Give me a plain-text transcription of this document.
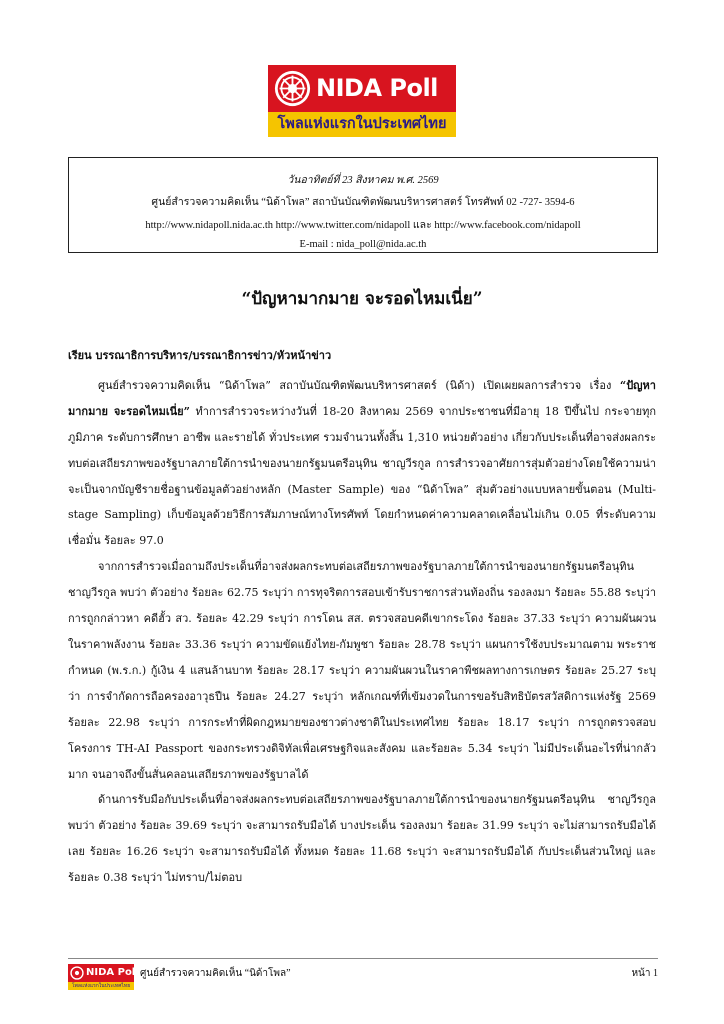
NIDA Poll
โพลแห่งแรกในประเทศไทย
วันอาทิตย์ที่ 23 สิงหาคม พ.ศ. 2569
ศูนย์สำรวจความคิดเห็น “นิด้าโพล” สถาบันบัณฑิตพัฒนบริหารศาสตร์ โทรศัพท์ 02 -727- 3594-6
http://www.nidapoll.nida.ac.th http://www.twitter.com/nidapoll และ http://www.facebook.com/nidapoll
E-mail : nida_poll@nida.ac.th
“ปัญหามากมาย จะรอดไหมเนี่ย”

เรียน บรรณาธิการบริหาร/บรรณาธิการข่าว/หัวหน้าข่าว

ศูนย์สำรวจความคิดเห็น “นิด้าโพล” สถาบันบัณฑิตพัฒนบริหารศาสตร์ (นิด้า) เปิดเผยผลการสำรวจ เรื่อง “ปัญหามากมาย จะรอดไหมเนี่ย” ทำการสำรวจระหว่างวันที่ 18-20 สิงหาคม 2569 จากประชาชนที่มีอายุ 18 ปีขึ้นไป กระจายทุกภูมิภาค ระดับการศึกษา อาชีพ และรายได้ ทั่วประเทศ รวมจำนวนทั้งสิ้น 1,310 หน่วยตัวอย่าง เกี่ยวกับประเด็นที่อาจส่งผลกระทบต่อเสถียรภาพของรัฐบาลภายใต้การนำของนายกรัฐมนตรีอนุทิน ชาญวีรกูล การสำรวจอาศัยการสุ่มตัวอย่างโดยใช้ความน่าจะเป็นจากบัญชีรายชื่อฐานข้อมูลตัวอย่างหลัก (Master Sample) ของ “นิด้าโพล” สุ่มตัวอย่างแบบหลายขั้นตอน (Multi-stage Sampling) เก็บข้อมูลด้วยวิธีการสัมภาษณ์ทางโทรศัพท์ โดยกำหนดค่าความคลาดเคลื่อนไม่เกิน 0.05 ที่ระดับความเชื่อมั่น ร้อยละ 97.0

จากการสำรวจเมื่อถามถึงประเด็นที่อาจส่งผลกระทบต่อเสถียรภาพของรัฐบาลภายใต้การนำของนายกรัฐมนตรีอนุทิน ชาญวีรกูล พบว่า ตัวอย่าง ร้อยละ 62.75 ระบุว่า การทุจริตการสอบเข้ารับราชการส่วนท้องถิ่น รองลงมา ร้อยละ 55.88 ระบุว่า การถูกกล่าวหา คดีฮั้ว สว. ร้อยละ 42.29 ระบุว่า การโดน สส. ตรวจสอบคดีเขากระโดง ร้อยละ 37.33 ระบุว่า ความผันผวนในราคาพลังงาน ร้อยละ 33.36 ระบุว่า ความขัดแย้งไทย-กัมพูชา ร้อยละ 28.78 ระบุว่า แผนการใช้งบประมาณตาม พระราชกำหนด (พ.ร.ก.) กู้เงิน 4 แสนล้านบาท ร้อยละ 28.17 ระบุว่า ความผันผวนในราคาพืชผลทางการเกษตร ร้อยละ 25.27 ระบุว่า การจำกัดการถือครองอาวุธปืน ร้อยละ 24.27 ระบุว่า หลักเกณฑ์ที่เข้มงวดในการขอรับสิทธิบัตรสวัสดิการแห่งรัฐ 2569 ร้อยละ 22.98 ระบุว่า การกระทำที่ผิดกฎหมายของชาวต่างชาติในประเทศไทย ร้อยละ 18.17 ระบุว่า การถูกตรวจสอบโครงการ TH-AI Passport ของกระทรวงดิจิทัลเพื่อเศรษฐกิจและสังคม และร้อยละ 5.34 ระบุว่า ไม่มีประเด็นอะไรที่น่ากลัวมาก จนอาจถึงขั้นสั่นคลอนเสถียรภาพของรัฐบาลได้

ด้านการรับมือกับประเด็นที่อาจส่งผลกระทบต่อเสถียรภาพของรัฐบาลภายใต้การนำของนายกรัฐมนตรีอนุทิน ชาญวีรกูล พบว่า ตัวอย่าง ร้อยละ 39.69 ระบุว่า จะสามารถรับมือได้ บางประเด็น รองลงมา ร้อยละ 31.99 ระบุว่า จะไม่สามารถรับมือได้เลย ร้อยละ 16.26 ระบุว่า จะสามารถรับมือได้ ทั้งหมด ร้อยละ 11.68 ระบุว่า จะสามารถรับมือได้ กับประเด็นส่วนใหญ่ และร้อยละ 0.38 ระบุว่า ไม่ทราบ/ไม่ตอบ

NIDA Poll
โพลแห่งแรกในประเทศไทย
ศูนย์สำรวจความคิดเห็น “นิด้าโพล”	หน้า 1
